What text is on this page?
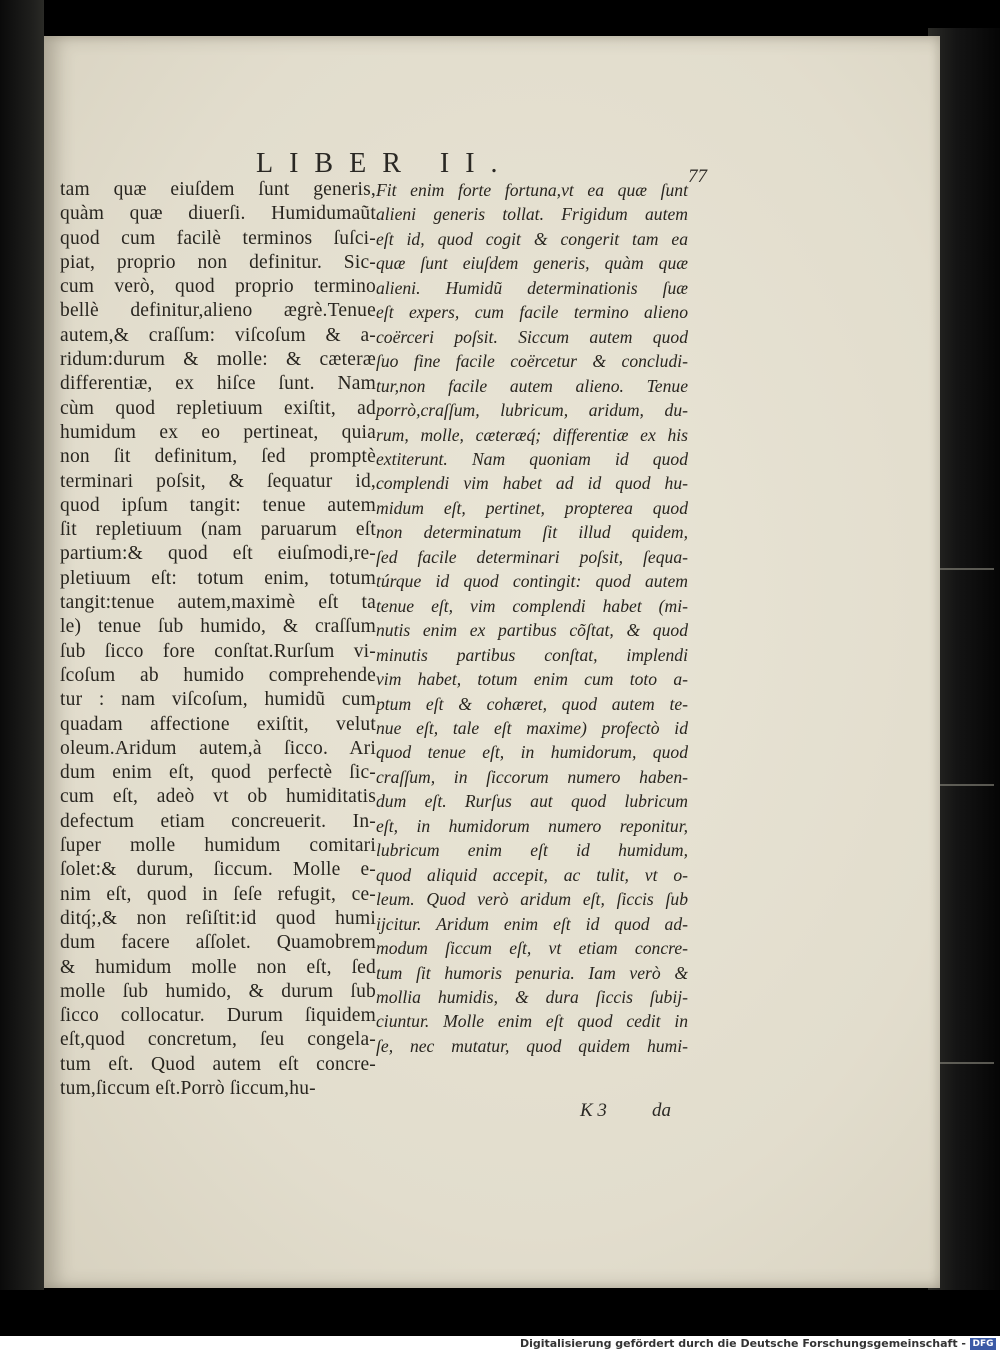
LIBER II.	77
tam quæ eiuſdem ſunt generis,
quàm quæ diuerſi. Humidumaũt
quod cum facilè terminos ſuſci-
piat, proprio non definitur. Sic-
cum verò, quod proprio termino
bellè definitur,alieno ægrè.Tenue
autem,& craſſum: viſcoſum & a-
ridum:durum & molle: & cæteræ
differentiæ, ex hiſce ſunt. Nam
cùm quod repletiuum exiſtit, ad
humidum ex eo pertineat, quia
non ſit definitum, ſed promptè
terminari poſsit, & ſequatur id,
quod ipſum tangit: tenue autem
ſit repletiuum (nam paruarum eſt
partium:& quod eſt eiuſmodi,re-
pletiuum eſt: totum enim, totum
tangit:tenue autem,maximè eſt ta
le) tenue ſub humido, & craſſum
ſub ſicco fore conſtat.Rurſum vi-
ſcoſum ab humido comprehende
tur : nam viſcoſum, humidũ cum
quadam affectione exiſtit, velut
oleum.Aridum autem,à ſicco. Ari
dum enim eſt, quod perfectè ſic-
cum eſt, adeò vt ob humiditatis
defectum etiam concreuerit. In-
ſuper molle humidum comitari
ſolet:& durum, ſiccum. Molle e-
nim eſt, quod in ſeſe refugit, ce-
ditq́;,& non reſiſtit:id quod humi
dum facere aſſolet. Quamobrem
& humidum molle non eſt, ſed
molle ſub humido, & durum ſub
ſicco collocatur. Durum ſiquidem
eſt,quod concretum, ſeu congela-
tum eſt. Quod autem eſt concre-
tum,ſiccum eſt.Porrò ſiccum,hu-
Fit enim forte fortuna,vt ea quæ ſunt
alieni generis tollat. Frigidum autem
eſt id, quod cogit & congerit tam ea
quæ ſunt eiuſdem generis, quàm quæ
alieni. Humidũ determinationis ſuæ
eſt expers, cum facile termino alieno
coërceri poſsit. Siccum autem quod
ſuo fine facile coërcetur & concludi-
tur,non facile autem alieno. Tenue
porrò,craſſum, lubricum, aridum, du-
rum, molle, cæteræq́; differentiæ ex his
extiterunt. Nam quoniam id quod
complendi vim habet ad id quod hu-
midum eſt, pertinet, propterea quod
non determinatum ſit illud quidem,
ſed facile determinari poſsit, ſequa-
túrque id quod contingit: quod autem
tenue eſt, vim complendi habet (mi-
nutis enim ex partibus cõſtat, & quod
minutis partibus conſtat, implendi
vim habet, totum enim cum toto a-
ptum eſt & cohæret, quod autem te-
nue eſt, tale eſt maxime) profectò id
quod tenue eſt, in humidorum, quod
craſſum, in ſiccorum numero haben-
dum eſt. Rurſus aut quod lubricum
eſt, in humidorum numero reponitur,
lubricum enim eſt id humidum,
quod aliquid accepit, ac tulit, vt o-
leum. Quod verò aridum eſt, ſiccis ſub
ijcitur. Aridum enim eſt id quod ad-
modum ſiccum eſt, vt etiam concre-
tum ſit humoris penuria. Iam verò &
mollia humidis, & dura ſiccis ſubij-
ciuntur. Molle enim eſt quod cedit in
ſe, nec mutatur, quod quidem humi-
K 3 da
Digitalisierung gefördert durch die Deutsche Forschungsgemeinschaft - DFG
